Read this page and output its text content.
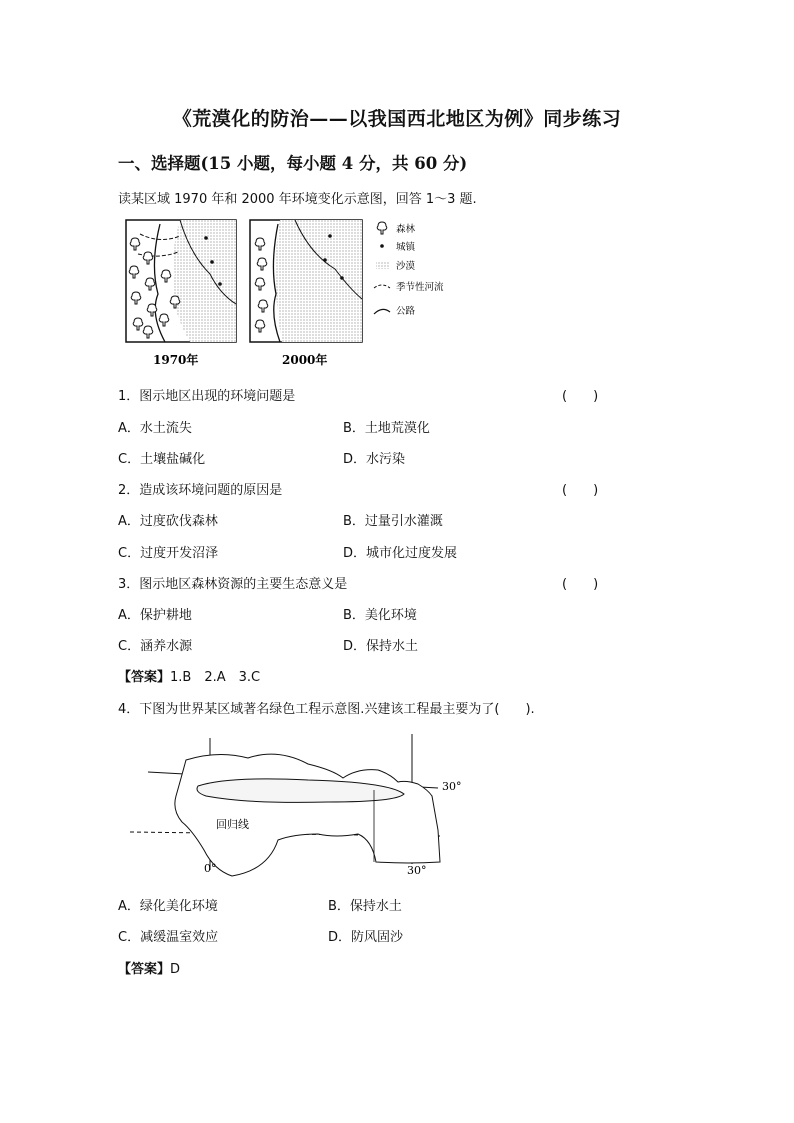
《荒漠化的防治——以我国西北地区为例》同步练习
一、选择题(15 小题，每小题 4 分，共 60 分)
读某区域 1970 年和 2000 年环境变化示意图，回答 1～3 题.
1970年	2000年
森林
城镇
沙漠
季节性河流
公路
1．图示地区出现的环境问题是	(　　)
A．水土流失	B．土地荒漠化
C．土壤盐碱化	D．水污染
2．造成该环境问题的原因是	(　　)
A．过度砍伐森林	B．过量引水灌溉
C．过度开发沼泽	D．城市化过度发展
3．图示地区森林资源的主要生态意义是	(　　)
A．保护耕地	B．美化环境
C．涵养水源	D．保持水土
【答案】1.B　2.A　3.C
4．下图为世界某区域著名绿色工程示意图.兴建该工程最主要为了(　　).
30°
回归线
0°	30°
A．绿化美化环境	B．保持水土
C．减缓温室效应	D．防风固沙
【答案】D
